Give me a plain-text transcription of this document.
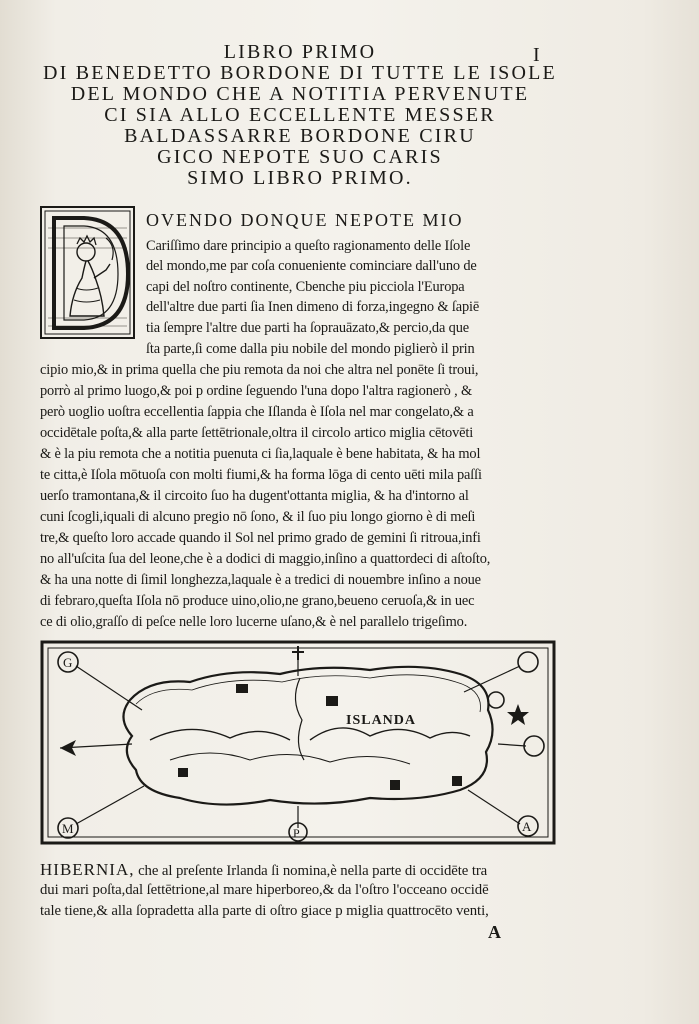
I
LIBRO PRIMO
DI BENEDETTO BORDONE DI TUTTE LE ISOLE
DEL MONDO CHE A NOTITIA PERVENUTE
CI SIA ALLO ECCELLENTE MESSER
BALDASSARRE BORDONE CIRU
GICO NEPOTE SUO CARIS
SIMO LIBRO PRIMO.
OVENDO DONQUE NEPOTE MIO
Cariſſimo dare principio a queſto ragionamento delle Iſole
del mondo,me par coſa conueniente cominciare dall'uno de
capi del noſtro continente, Cbenche piu picciola l'Europa
dell'altre due parti ſia Inen dimeno di forza,ingegno & ſapiē
tia ſempre l'altre due parti ha ſoprauāzato,& percio,da que
ſta parte,ſi come dalla piu nobile del mondo piglierò il prin
cipio mio,& in prima quella che piu remota da noi che altra nel ponēte ſi troui,
porrò al primo luogo,& poi p ordine ſeguendo l'una dopo l'altra ragionerò , &
però uoglio uoſtra eccellentia ſappia che Iſlanda è Iſola nel mar congelato,& a
occidētale poſta,& alla parte ſettētrionale,oltra il circolo artico miglia cētovēti
& è la piu remota che a notitia puenuta ci ſia,laquale è bene habitata, & ha mol
te citta,è Iſola mōtuoſa con molti fiumi,& ha forma lōga di cento uēti mila paſſi
uerſo tramontana,& il circoito ſuo ha dugent'ottanta miglia, & ha d'intorno al
cuni ſcogli,iquali di alcuno pregio nō ſono, & il ſuo piu longo giorno è di meſi
tre,& queſto loro accade quando il Sol nel primo grado de gemini ſi ritroua,infi
no all'uſcita ſua del leone,che è a dodici di maggio,inſino a quattordeci di aſtoſto,
& ha una notte di ſimil longhezza,laquale è a tredici di nouembre inſino a noue
di febraro,queſta Iſola nō produce uino,olio,ne grano,beueno ceruoſa,& in uec
ce di olio,graſſo di peſce nelle loro lucerne uſano,& è nel parallelo trigeſimo.
ISLANDA
G
M	P	A
HIBERNIA, che al preſente Irlanda ſi nomina,è nella parte di occidēte tra
dui mari poſta,dal ſettētrione,al mare hiperboreo,& da l'oſtro l'occeano occidē
tale tiene,& alla ſopradetta alla parte di oſtro giace p miglia quattrocēto venti,
A
